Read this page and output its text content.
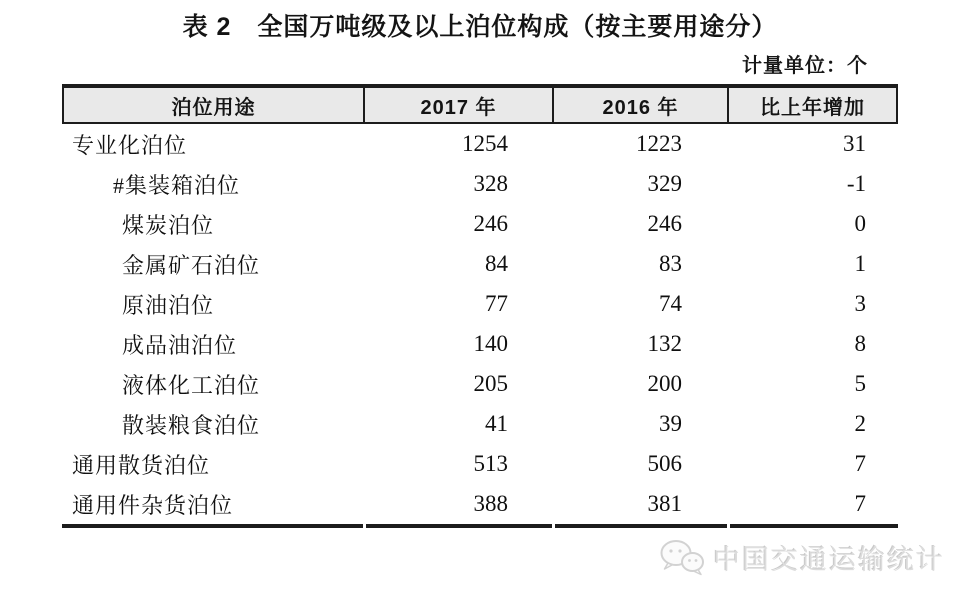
表 2　全国万吨级及以上泊位构成（按主要用途分）
计量单位：个
泊位用途	2017 年	2016 年	比上年增加
专业化泊位	1254	1223	31
#集装箱泊位	328	329	-1
煤炭泊位	246	246	0
金属矿石泊位	84	83	1
原油泊位	77	74	3
成品油泊位	140	132	8
液体化工泊位	205	200	5
散装粮食泊位	41	39	2
通用散货泊位	513	506	7
通用件杂货泊位	388	381	7
中国交通运输统计
